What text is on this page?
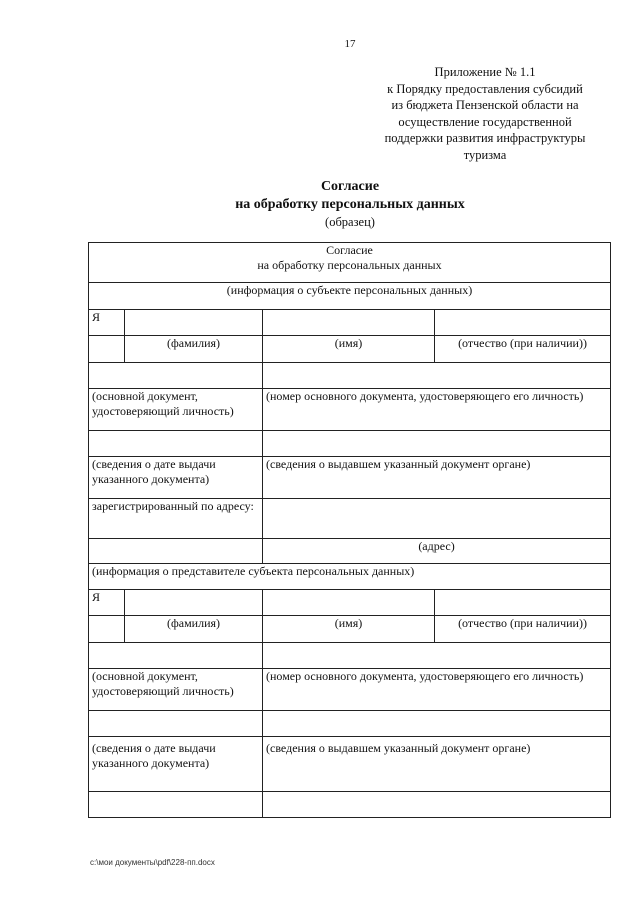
17
Приложение № 1.1
к Порядку предоставления субсидий
из бюджета Пензенской области на
осуществление государственной
поддержки развития инфраструктуры
туризма
Согласие
на обработку персональных данных
(образец)
Согласие
на обработку персональных данных			

(информация о субъекте персональных данных)			
Я			
	(фамилия)	(имя)	(отчество (при наличии))

(основной документ, удостоверяющий личность)		(номер основного документа, удостоверяющего его личность)	

(сведения о дате выдачи указанного документа)		(сведения о выдавшем указанный документ органе)	
зарегистрированный по адресу:			
		(адрес)	
(информация о представителе субъекта персональных данных)			
Я			
	(фамилия)	(имя)	(отчество (при наличии))

(основной документ, удостоверяющий личность)		(номер основного документа, удостоверяющего его личность)	

(сведения о дате выдачи указанного документа)		(сведения о выдавшем указанный документ органе)	

c:\мои документы\pdf\228-пп.docx
